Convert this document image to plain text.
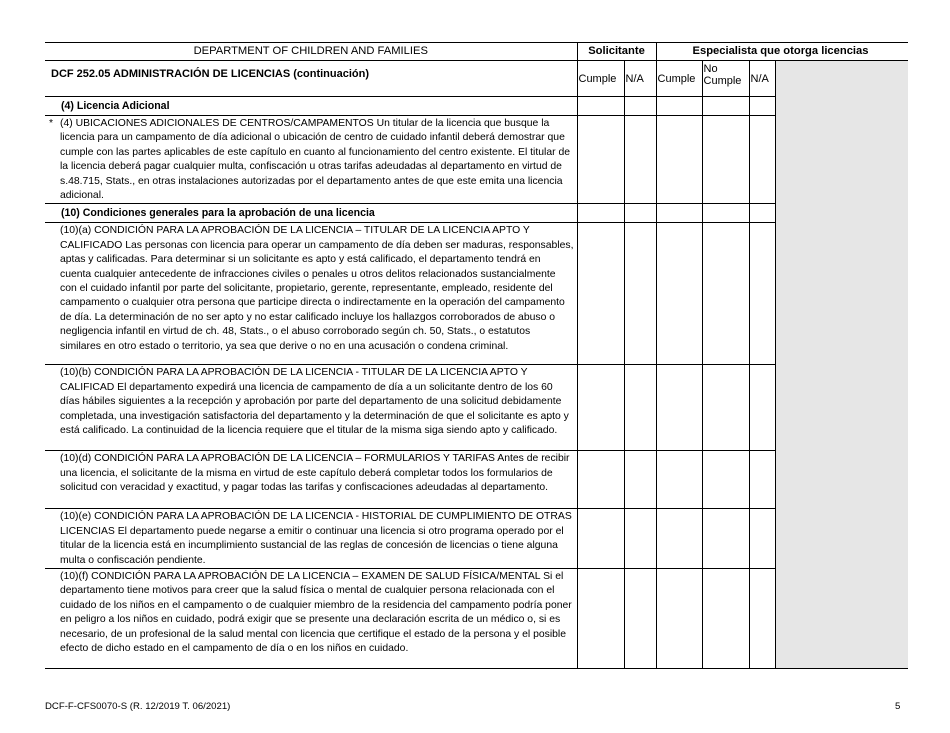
DEPARTMENT OF CHILDREN AND FAMILIES	Solicitante		Especialista que otorga licencias			
DCF 252.05 ADMINISTRACIÓN DE LICENCIAS (continuación)	Cumple	N/A	Cumple	No Cumple	N/A	
(4) Licencia Adicional						

* (4) UBICACIONES ADICIONALES DE CENTROS/CAMPAMENTOS Un titular de la licencia que busque la licencia para un campamento de día adicional o ubicación de centro de cuidado infantil deberá demostrar que cumple con las partes aplicables de este capítulo en cuanto al funcionamiento del centro existente. El titular de la licencia deberá pagar cualquier multa, confiscación u otras tarifas adeudadas al departamento en virtud de s.48.715, Stats., en otras instalaciones autorizadas por el departamento antes de que este emita una licencia adicional.						
(10) Condiciones generales para la aprobación de una licencia						
(10)(a) CONDICIÓN PARA LA APROBACIÓN DE LA LICENCIA – TITULAR DE LA LICENCIA APTO Y CALIFICADO Las personas con licencia para operar un campamento de día deben ser maduras, responsables, aptas y calificadas. Para determinar si un solicitante es apto y está calificado, el departamento tendrá en cuenta cualquier antecedente de infracciones civiles o penales u otros delitos relacionados sustancialmente con el cuidado infantil por parte del solicitante, propietario, gerente, representante, empleado, residente del campamento o cualquier otra persona que participe directa o indirectamente en la operación del campamento de día. La determinación de no ser apto y no estar calificado incluye los hallazgos corroborados de abuso o negligencia infantil en virtud de ch. 48, Stats., o el abuso corroborado según ch. 50, Stats., o estatutos similares en otro estado o territorio, ya sea que derive o no en una acusación o condena criminal.						
(10)(b) CONDICIÓN PARA LA APROBACIÓN DE LA LICENCIA - TITULAR DE LA LICENCIA APTO Y CALIFICAD El departamento expedirá una licencia de campamento de día a un solicitante dentro de los 60 días hábiles siguientes a la recepción y aprobación por parte del departamento de una solicitud debidamente completada, una investigación satisfactoria del departamento y la determinación de que el solicitante es apto y está calificado. La continuidad de la licencia requiere que el titular de la misma siga siendo apto y calificado.						
(10)(d) CONDICIÓN PARA LA APROBACIÓN DE LA LICENCIA – FORMULARIOS Y TARIFAS Antes de recibir una licencia, el solicitante de la misma en virtud de este capítulo deberá completar todos los formularios de solicitud con veracidad y exactitud, y pagar todas las tarifas y confiscaciones adeudadas al departamento.						
(10)(e) CONDICIÓN PARA LA APROBACIÓN DE LA LICENCIA - HISTORIAL DE CUMPLIMIENTO DE OTRAS LICENCIAS El departamento puede negarse a emitir o continuar una licencia si otro programa operado por el titular de la licencia está en incumplimiento sustancial de las reglas de concesión de licencias o tiene alguna multa o confiscación pendiente.						
(10)(f) CONDICIÓN PARA LA APROBACIÓN DE LA LICENCIA – EXAMEN DE SALUD FÍSICA/MENTAL Si el departamento tiene motivos para creer que la salud física o mental de cualquier persona relacionada con el cuidado de los niños en el campamento o de cualquier miembro de la residencia del campamento podría poner en peligro a los niños en cuidado, podrá exigir que se presente una declaración escrita de un médico o, si es necesario, de un profesional de la salud mental con licencia que certifique el estado de la persona y el posible efecto de dicho estado en el campamento de día o en los niños en cuidado.						
DCF-F-CFS0070-S (R. 12/2019 T. 06/2021)	5
